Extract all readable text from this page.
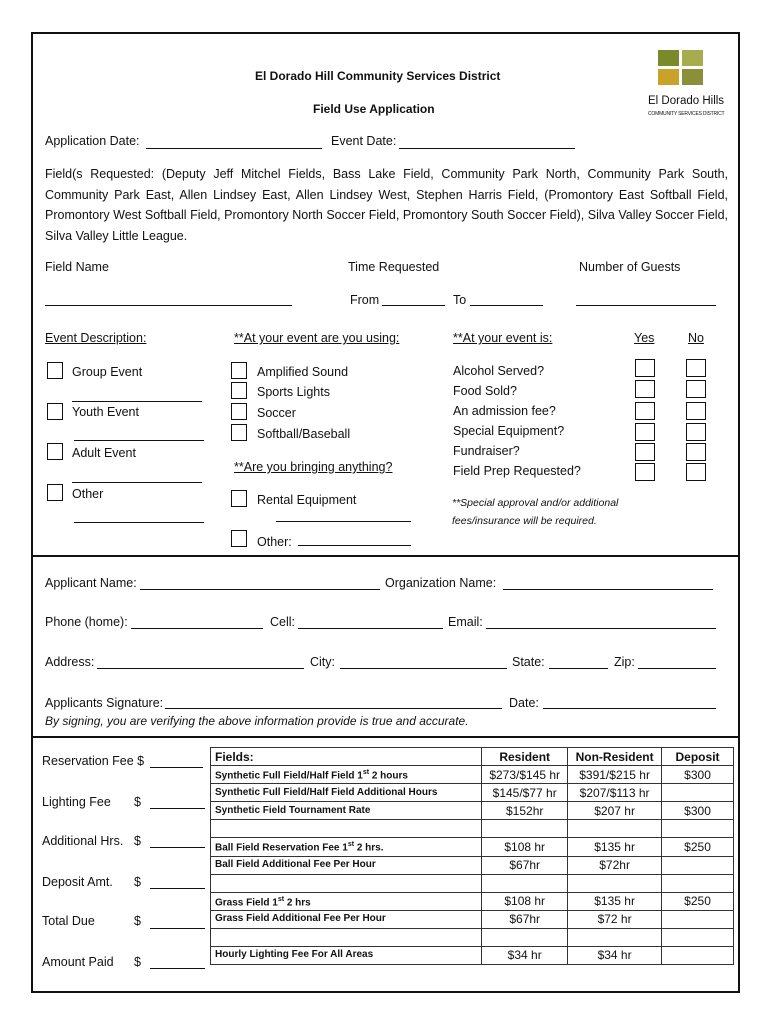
El Dorado Hill Community Services District
Field Use Application
El Dorado Hills
COMMUNITY SERVICES DISTRICT
Application Date:	Event Date:
Field(s Requested: (Deputy Jeff Mitchel Fields, Bass Lake Field, Community Park North, Community Park South, Community Park East, Allen Lindsey East, Allen Lindsey West, Stephen Harris Field, (Promontory East Softball Field, Promontory West Softball Field, Promontory North Soccer Field, Promontory South Soccer Field), Silva Valley Soccer Field, Silva Valley Little League.
Field Name	Time Requested	Number of Guests
From	To
Event Description:
Group Event
Youth Event
Adult Event
Other
**At your event are you using:
Amplified Sound
Sports Lights
Soccer
Softball/Baseball
**Are you bringing anything?
Rental Equipment
Other:
**At your event is:	Yes	No
Alcohol Served?
Food Sold?
An admission fee?
Special Equipment?
Fundraiser?
Field Prep Requested?
**Special approval and/or additional
fees/insurance will be required.
Applicant Name:	Organization Name:
Phone (home):	Cell:	Email:
Address:	City:	State:	Zip:
Applicants Signature:	Date:
By signing, you are verifying the above information provide is true and accurate.
Reservation Fee $
Lighting Fee $
Additional Hrs. $
Deposit Amt. $
Total Due	$
Amount Paid $
Fields:	Resident	Non-Resident	Deposit
Synthetic Full Field/Half Field 1st 2 hours	$273/$145 hr	$391/$215 hr	$300
Synthetic Full Field/Half Field Additional Hours	$145/$77 hr	$207/$113 hr	
Synthetic Field Tournament Rate	$152hr	$207 hr	$300

Ball Field Reservation Fee 1st 2 hrs.	$108 hr	$135 hr	$250
Ball Field Additional Fee Per Hour	$67hr	$72hr	

Grass Field 1st 2 hrs	$108 hr	$135 hr	$250
Grass Field Additional Fee Per Hour	$67hr	$72 hr	

Hourly Lighting Fee For All Areas	$34 hr	$34 hr	
